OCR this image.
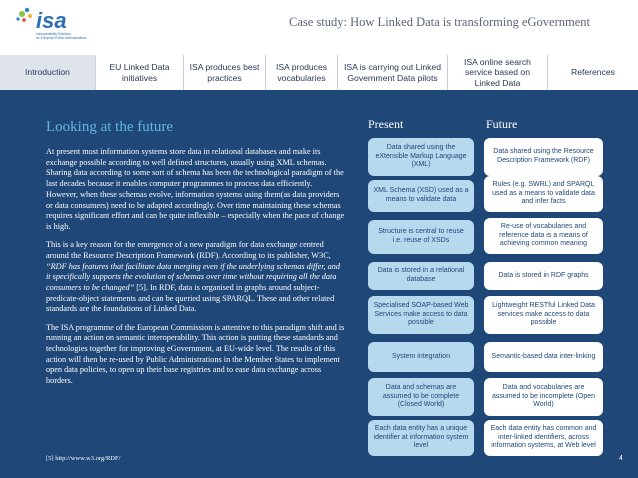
isa
Interoperability Solutions
for European Public Administrations
Case study: How Linked Data is transforming eGovernment
Introduction
EU Linked Data initiatives
ISA produces best practices
ISA produces vocabularies
ISA is carrying out Linked Government Data pilots
ISA online search service based on Linked Data
References
Looking at the future

At present most information systems store data in relational databases and make its exchange possible according to well defined structures, usually using XML schemas. Sharing data according to some sort of schema has been the technological paradigm of the last decades because it enables computer programmes to process data efficiently. However, when these schemas evolve, information systems using them(as data providers or data consumers) need to be adapted accordingly. Over time maintaining these schemas requires significant effort and can be quite inflexible – especially when the pace of change is high.

This is a key reason for the emergence of a new paradigm for data exchange centred around the Resource Description Framework (RDF). According to its publisher, W3C, “RDF has features that facilitate data merging even if the underlying schemas differ, and it specifically supports the evolution of schemas over time without requiring all the data consumers to be changed” [5]. In RDF, data is organised in graphs around subject-predicate-object statements and can be queried using SPARQL. These and other related standards are the foundations of Linked Data.

The ISA programme of the European Commission is attentive to this paradigm shift and is running an action on semantic interoperability. This action is putting these standards and technologies together for improving eGovernment, at EU-wide level. The results of this action will then be re-used by Public Administrations in the Member States to implement open data policies, to open up their base registries and to ease data exchange across borders.

[5] http://www.w3.org/RDF/
Present	Future
Data shared using the eXtensible Markup Language (XML)
Data shared using the Resource Description Framework (RDF)
XML Schema (XSD) used as a means to validate data
Rules (e.g. SWRL) and SPARQL used as a means to validate data and infer facts
Structure is central to reuse i.e. reuse of XSDs
Re-use of vocabularies and reference data is a means of achieving common meaning
Data is stored in a relational database
Data is stored in RDF graphs
Specialised SOAP-based Web Services make access to data possible
Lightweight RESTful Linked Data services make access to data possible
System integration	Semantic-based data inter-linking
Data and schemas are assumed to be complete (Closed World)
Data and vocabularies are assumed to be incomplete (Open World)
Each data entity has a unique identifier at information system level
Each data entity has common and inter-linked identifiers, across information systems, at Web level
4
